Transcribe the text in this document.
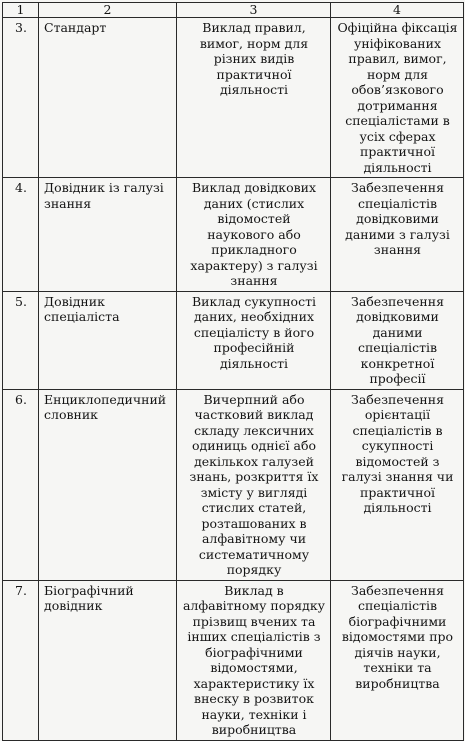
1	2	3	4
3.	Стандарт	Виклад правил, вимог, норм для різних видів практичної діяльності	Офіційна фіксація уніфікованих правил, вимог, норм для обов’язкового дотримання спеціалістами в усіх сферах практичної діяльності
4.	Довідник із галузі знання	Виклад довідкових даних (стислих відомостей наукового або прикладного характеру) з галузі знання	Забезпечення спеціалістів довідковими даними з галузі знання
5.	Довідник спеціаліста	Виклад сукупності даних, необхідних спеціалісту в його професійній діяльності	Забезпечення довідковими даними спеціалістів конкретної професії
6.	Енциклопедичний словник	Вичерпний або частковий виклад складу лексичних одиниць однієї або декількох галузей знань, розкриття їх змісту у вигляді стислих статей, розташованих в алфавітному чи систематичному порядку	Забезпечення орієнтації спеціалістів в сукупності відомостей з галузі знання чи практичної діяльності
7.	Біографічний довідник	Виклад в алфавітному порядку прізвищ вчених та інших спеціалістів з біографічними відомостями, характеристику їх внеску в розвиток науки, техніки і виробництва	Забезпечення спеціалістів біографічними відомостями про діячів науки, техніки та виробництва
